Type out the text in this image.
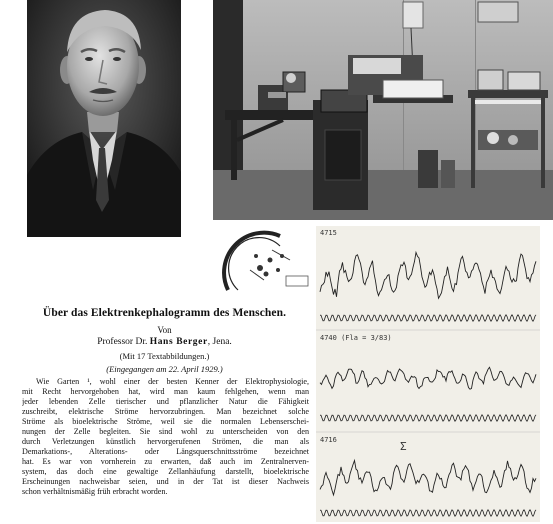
Über das Elektrenkephalogramm des Menschen.
Von
Professor Dr. Hans Berger, Jena.
(Mit 17 Textabbildungen.)
(Eingegangen am 22. April 1929.)
Wie Garten ¹, wohl einer der besten Kenner der Elektrophysiologie,
mit Recht hervorgehoben hat, wird man kaum fehlgehen, wenn man
jeder lebenden Zelle tierischer und pflanzlicher Natur die Fähigkeit
zuschreibt, elektrische Ströme hervorzubringen. Man bezeichnet solche
Ströme als bioelektrische Ströme, weil sie die normalen Lebenserschei-
nungen der Zelle begleiten. Sie sind wohl zu unterscheiden von den
durch Verletzungen künstlich hervorgerufenen Strömen, die man als
Demarkations-, Alterations- oder Längsquerschnittsströme bezeichnet
hat. Es war von vornherein zu erwarten, daß auch im Zentralnerven-
system, das doch eine gewaltige Zellanhäufung darstellt, bioelektrische
Erscheinungen nachweisbar seien, und in der Tat ist dieser Nachweis
schon verhältnismäßig früh erbracht worden.
4715
4740 (Fla = 3/83)
4716	Σ
